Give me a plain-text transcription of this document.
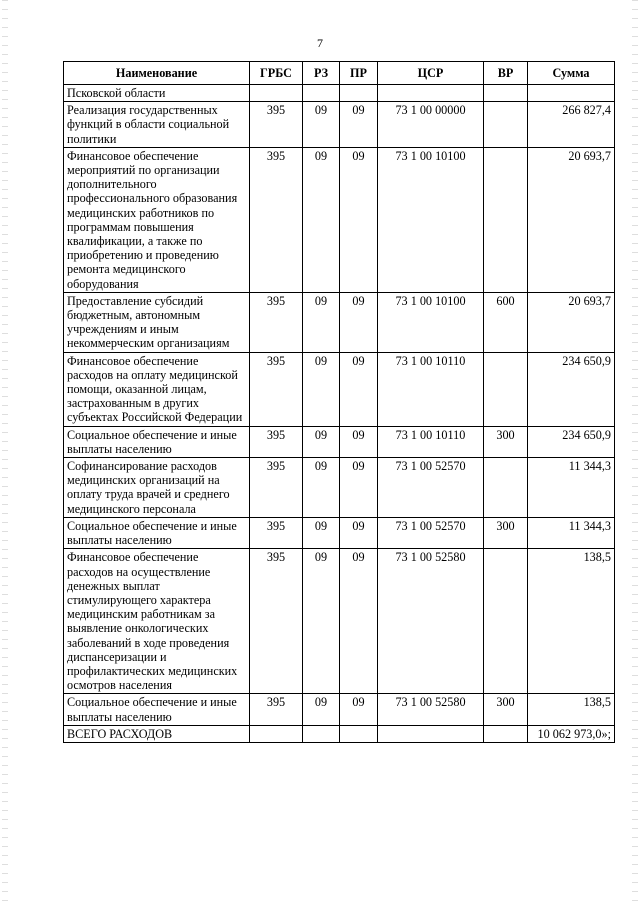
7
Наименование	ГРБС	РЗ	ПР	ЦСР	ВР	Сумма
Псковской области						
Реализация государственных функций в области социальной политики	395	09	09	73 1 00 00000		266 827,4
Финансовое обеспечение мероприятий по организации дополнительного профессионального образования медицинских работников по программам повышения квалификации, а также по приобретению и проведению ремонта медицинского оборудования	395	09	09	73 1 00 10100		20 693,7
Предоставление субсидий бюджетным, автономным учреждениям и иным некоммерческим организациям	395	09	09	73 1 00 10100	600	20 693,7
Финансовое обеспечение расходов на оплату медицинской помощи, оказанной лицам, застрахованным в других субъектах Российской Федерации	395	09	09	73 1 00 10110		234 650,9
Социальное обеспечение и иные выплаты населению	395	09	09	73 1 00 10110	300	234 650,9
Софинансирование расходов медицинских организаций на оплату труда врачей и среднего медицинского персонала	395	09	09	73 1 00 52570		11 344,3
Социальное обеспечение и иные выплаты населению	395	09	09	73 1 00 52570	300	11 344,3
Финансовое обеспечение расходов на осуществление денежных выплат стимулирующего характера медицинским работникам за выявление онкологических заболеваний в ходе проведения диспансеризации и профилактических медицинских осмотров населения	395	09	09	73 1 00 52580		138,5
Социальное обеспечение и иные выплаты населению	395	09	09	73 1 00 52580	300	138,5
ВСЕГО РАСХОДОВ						10 062 973,0»;
